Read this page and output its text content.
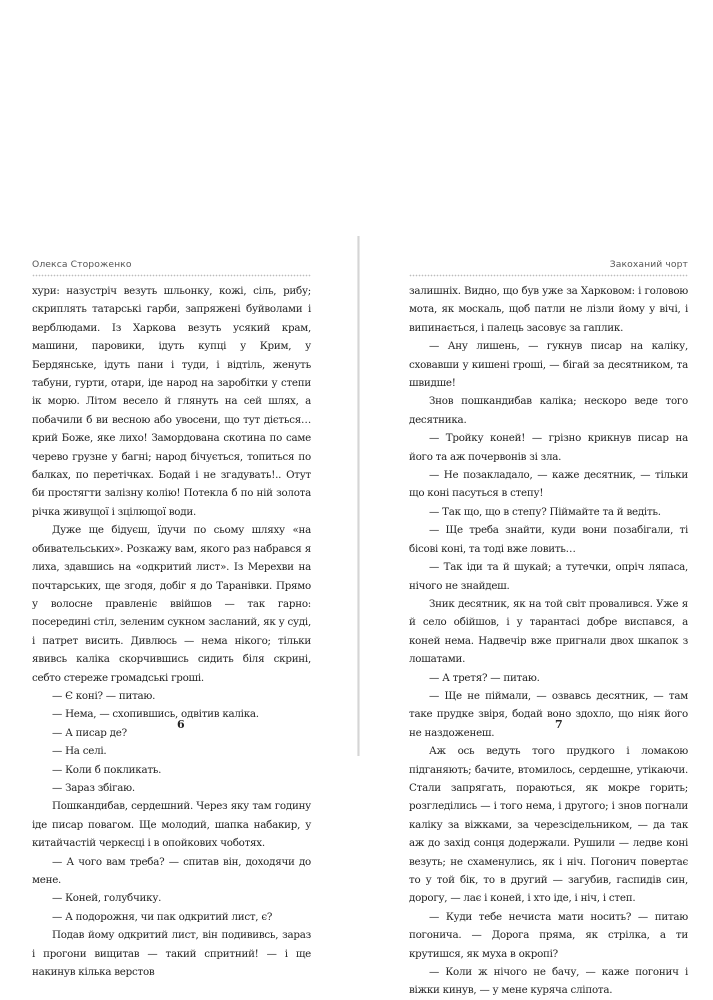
Олекса Стороженко

хури: назустріч везуть шльонку, кожі, сіль, рибу; скриплять татарські гарби, запряжені буйволами і верблюдами. Із Харкова везуть усякий крам, машини, паровики, ідуть купці у Крим, у Бердянське, ідуть пани і туди, і відтіль, женуть табуни, гурти, отари, іде народ на заробітки у степи ік морю. Літом весело й глянуть на сей шлях, а побачили б ви весною або увосени, що тут діється… крий Боже, яке лихо! Замордована скотина по саме черево грузне у багні; народ бічується, топиться по балках, по перетічках. Бодай і не згадувать!.. Отут би простягти залізну колію! Потекла б по ній золота річка живущої і зцілющої води.

Дуже ще бідуєш, їдучи по сьому шляху «на обивательських». Розкажу вам, якого раз набрався я лиха, здавшись на «одкритий лист». Із Мерехви на почтарських, ще згодя, добіг я до Таранівки. Прямо у волосне правленіє ввійшов — так гарно: посередині стіл, зеленим сукном засланий, як у суді, і патрет висить. Дивлюсь — нема нікого; тільки явивсь каліка скорчившись сидить біля скрині, себто стереже громадські гроші.

— Є коні? — питаю.

— Нема, — схопившись, одвітив каліка.

— А писар де?

— На селі.

— Коли б покликать.

— Зараз збігаю.

Пошкандибав, сердешний. Через яку там годину іде писар повагом. Ще молодий, шапка набакир, у китайчастій черкесці і в опойкових чоботях.

— А чого вам треба? — спитав він, доходячи до мене.

— Коней, голубчику.

— А подорожня, чи пак одкритий лист, є?

Подав йому одкритий лист, він подививсь, зараз і прогони вищитав — такий спритний! — і ще накинув кілька верстов

6
Закоханий чорт

залишніх. Видно, що був уже за Харковом: і головою мота, як москаль, щоб патли не лізли йому у вічі, і випинається, і палець засовує за гаплик.

— Ану лишень, — гукнув писар на каліку, сховавши у кишені гроші, — бігай за десятником, та швидше!

Знов пошкандибав каліка; нескоро веде того десятника.

— Тройку коней! — грізно крикнув писар на його та аж почервонів зі зла.

— Не позакладало, — каже десятник, — тільки що коні пасуться в степу!

— Так що, що в степу? Піймайте та й ведіть.

— Ще треба знайти, куди вони позабігали, ті бісові коні, та тоді вже ловить…

— Так іди та й шукай; а тутечки, опріч ляпаса, нічого не знайдеш.

Зник десятник, як на той світ провалився. Уже я й село обійшов, і у тарантасі добре виспався, а коней нема. Надвечір вже пригнали двох шкапок з лошатами.

— А третя? — питаю.

— Ще не піймали, — озвавсь десятник, — там таке прудке звіря, бодай воно здохло, що ніяк його не наздоженеш.

Аж ось ведуть того прудкого і ломакою підганяють; бачите, втомилось, сердешне, утікаючи. Стали запрягать, пораються, як мокре горить; розгледілись — і того нема, і другого; і знов погнали каліку за віжками, за черезсідельником, — да так аж до захід сонця додержали. Рушили — ледве коні везуть; не схаменулись, як і ніч. Погонич повертає то у той бік, то в другий — загубив, гаспидів син, дорогу, — лає і коней, і хто іде, і ніч, і степ.

— Куди тебе нечиста мати носить? — питаю погонича. — Дорога пряма, як стрілка, а ти крутишся, як муха в окропі?

— Коли ж нічого не бачу, — каже погонич і віжки кинув, — у мене куряча сліпота.

7
